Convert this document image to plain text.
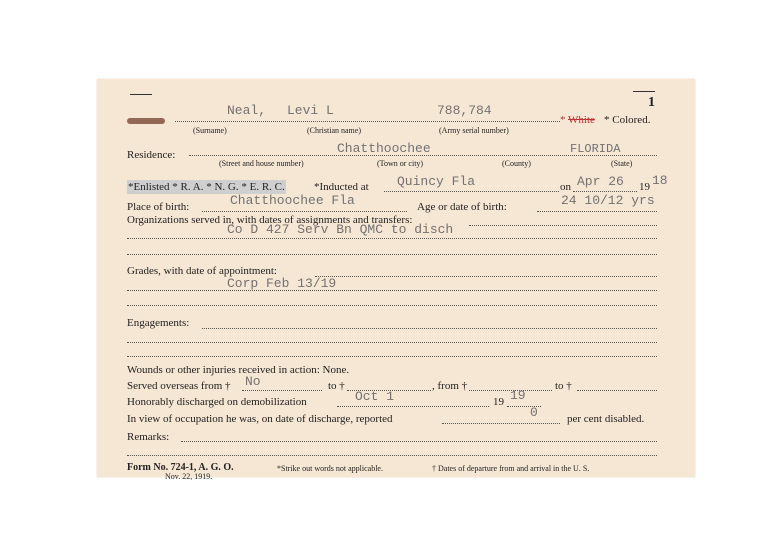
1
Neal, Levi L	788,784
* White * Colored.
(Surname)	(Christian name)	(Army serial number)
Residence:	Chatthoochee	FLORIDA
(Street and house number)	(Town or city)	(County)	(State)
*Enlisted * R. A. * N. G. * E. R. C.	*Inducted at Quincy Fla	on Apr 26 19 18
Place of birth:	Chatthoochee Fla	Age or date of birth:	24 10/12 yrs
Organizations served in, with dates of assignments and transfers:
Co D 427 Serv Bn QMC to disch
Grades, with date of appointment:
Corp Feb 13/19
Engagements:
Wounds or other injuries received in action: None.
Served overseas from † No	to †	, from †	to †
Honorably discharged on demobilization	Oct 1	19 19
In view of occupation he was, on date of discharge, reported	0	per cent disabled.
Remarks:
Form No. 724-1, A. G. O.
Nov. 22, 1919.
*Strike out words not applicable.	† Dates of departure from and arrival in the U. S.
